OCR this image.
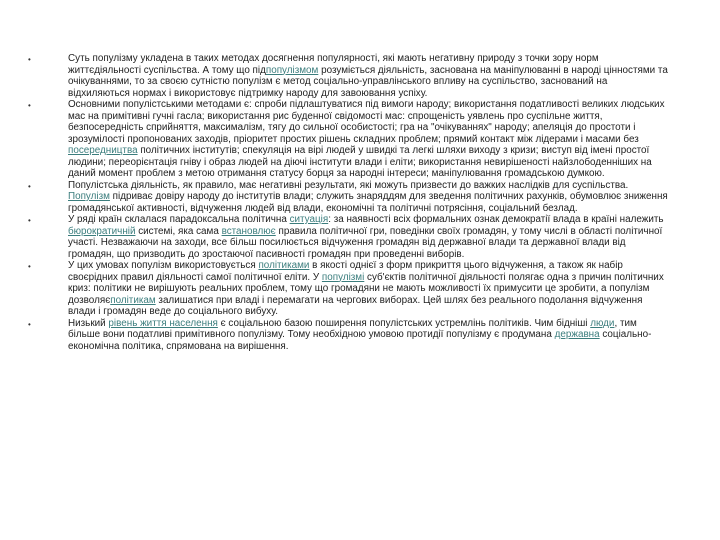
•	Суть популізму укладена в таких методах досягнення популярності, які мають негативну природу з точки зору норм життєдіяльності суспільства. А тому що підпопулізмом розуміється діяльність, заснована на маніпулюванні в народі цінностями та очікуваннями, то за своєю сутністю популізм є метод соціально-управлінського впливу на суспільство, заснований на відхиляються нормах і використовує підтримку народу для завоювання успіху.
•	Основними популістськими методами є: спроби підлаштуватися під вимоги народу; використання податливості великих людських мас на примітивні гучні гасла; використання рис буденної свідомості мас: спрощеність уявлень про суспільне життя, безпосередність сприйняття, максималізм, тягу до сильної особистості; гра на "очікуваннях" народу; апеляція до простоти і зрозумілості пропонованих заходів, пріоритет простих рішень складних проблем; прямий контакт між лідерами і масами без посередництва політичних інститутів; спекуляція на вірі людей у швидкі та легкі шляхи виходу з кризи; виступ від імені простої людини; переорієнтація гніву і образ людей на діючі інститути влади і еліти; використання невирішеності найзлободенніших на даний момент проблем з метою отримання статусу борця за народні інтереси; маніпулювання громадською думкою.
•	Популістська діяльність, як правило, має негативні результати, які можуть призвести до важких наслідків для суспільства. Популізм підриває довіру народу до інститутів влади; служить знаряддям для зведення політичних рахунків, обумовлює зниження громадянської активності, відчуження людей від влади, економічні та політичні потрясіння, соціальний безлад.
•	У ряді країн склалася парадоксальна політична ситуація: за наявності всіх формальних ознак демократії влада в країні належить бюрократичній системі, яка сама встановлює правила політичної гри, поведінки своїх громадян, у тому числі в області політичної участі. Незважаючи на заходи, все більш посилюється відчуження громадян від державної влади та державної влади від громадян, що призводить до зростаючої пасивності громадян при проведенні виборів.
•	У цих умовах популізм використовується політиками в якості однієї з форм прикриття цього відчуження, а також як набір своєрідних правил діяльності самої політичної еліти. У популізмі суб'єктів політичної діяльності полягає одна з причин політичних криз: політики не вирішують реальних проблем, тому що громадяни не мають можливості їх примусити це зробити, а популізм дозволяєполітикам залишатися при владі і перемагати на чергових виборах. Цей шлях без реального подолання відчуження влади і громадян веде до соціального вибуху.
•	Низький рівень життя населення є соціальною базою поширення популістських устремлінь політиків. Чим бідніші люди, тим більше вони податливі примітивного популізму. Тому необхідною умовою протидії популізму є продумана державна соціально-економічна політика, спрямована на вирішення.
